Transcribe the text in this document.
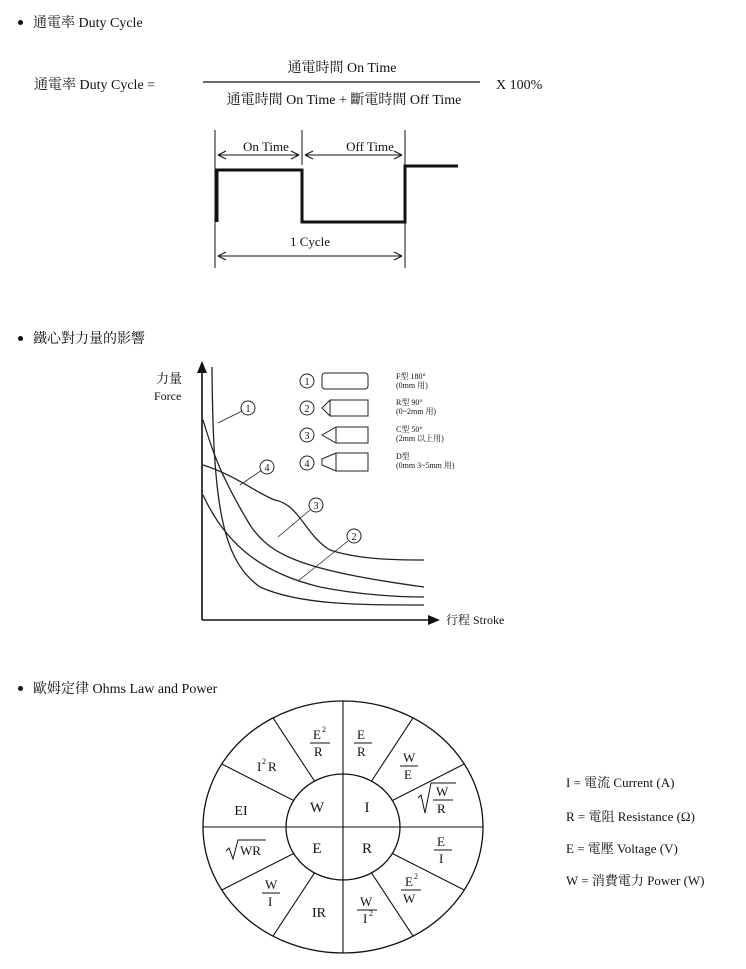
通電率 Duty Cycle
通電率 Duty Cycle =
通電時間 On Time
通電時間 On Time + 斷電時間 Off Time
X 100%
On Time	Off Time
1 Cycle
鐵心對力量的影響
力量
Force
行程 Stroke
1
4
3
2
1
F型 180°
(0mm 用)
2
R型 90°
(0~2mm 用)
3
C型 50°
(2mm 以上用)
4
D型
(0mm 3~5mm 用)
歐姆定律 Ohms Law and Power
W	I
E	R
E 2
R
E
R	W
E
W
R
E
I
E 2
W
W
I 2
IR
W
I
WR
EI
I 2 R
I = 電流 Current (A)
R = 電阻 Resistance (Ω)
E = 電壓 Voltage (V)
W = 消費電力 Power (W)
